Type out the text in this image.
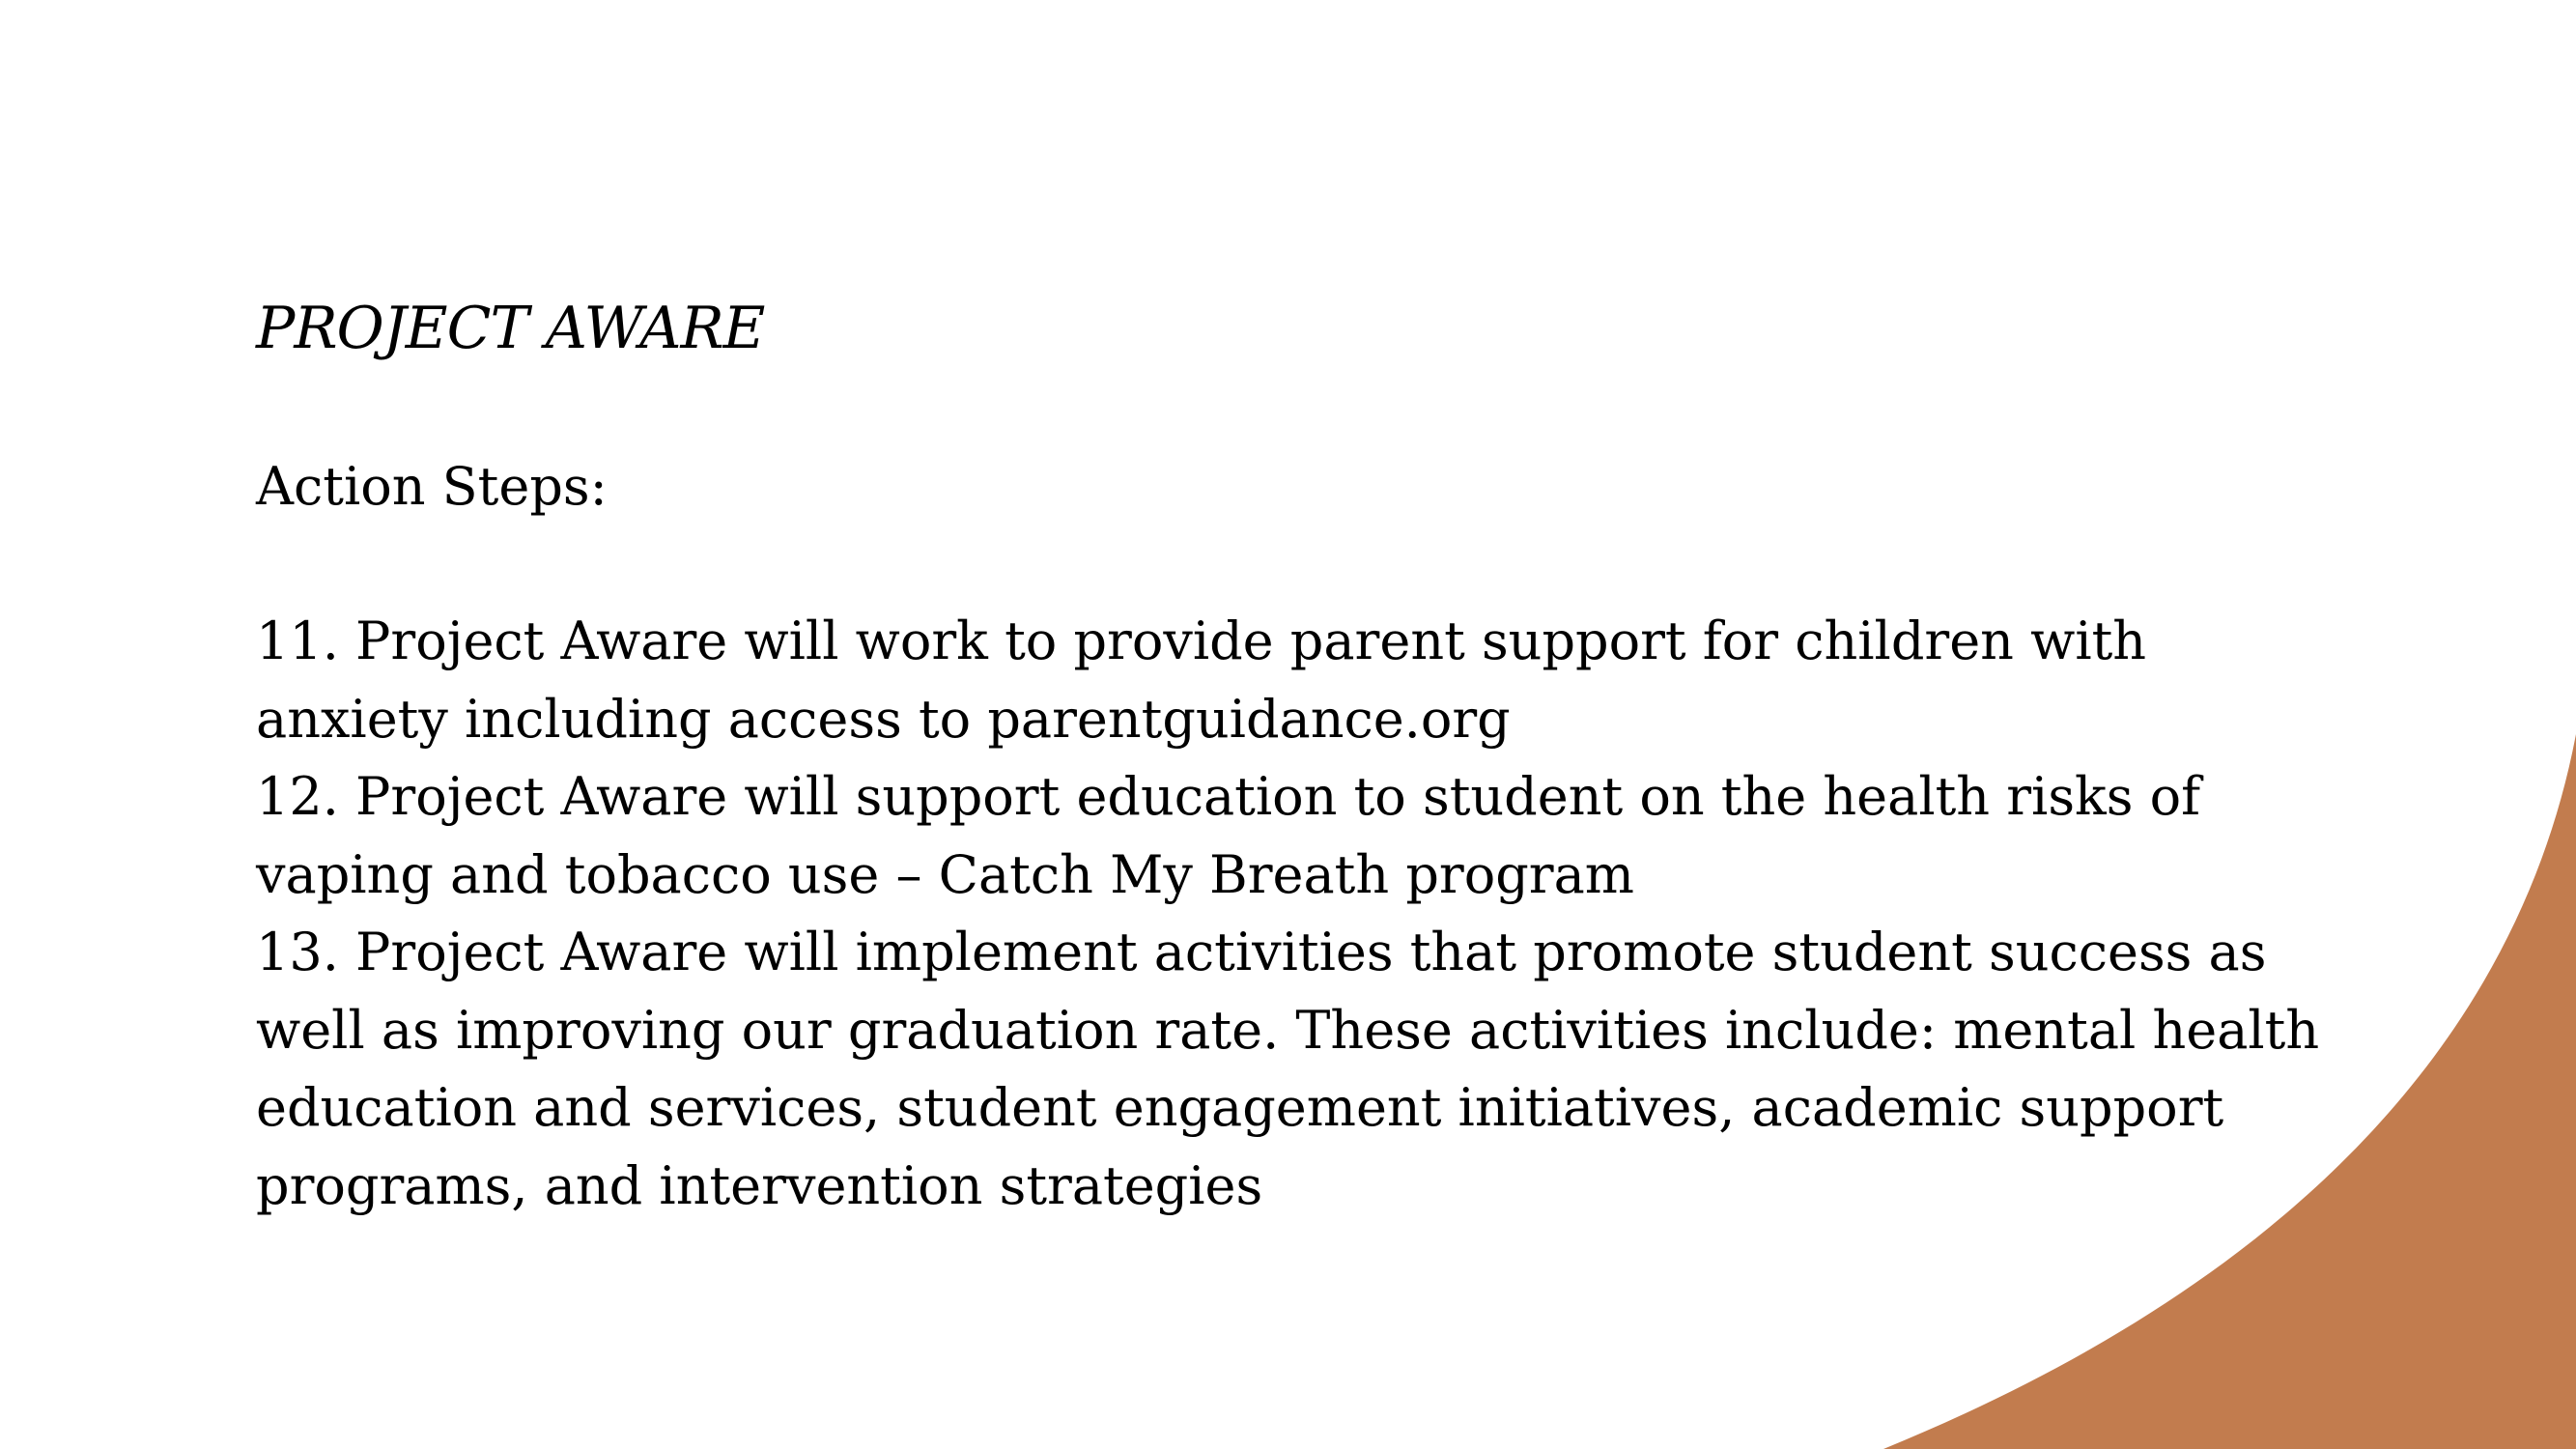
PROJECT AWARE

Action Steps:

11. Project Aware will work to provide parent support for children with anxiety including access to parentguidance.org
12. Project Aware will support education to student on the health risks of vaping and tobacco use – Catch My Breath program
13. Project Aware will implement activities that promote student success as well as improving our graduation rate. These activities include: mental health education and services, student engagement initiatives, academic support programs, and intervention strategies
